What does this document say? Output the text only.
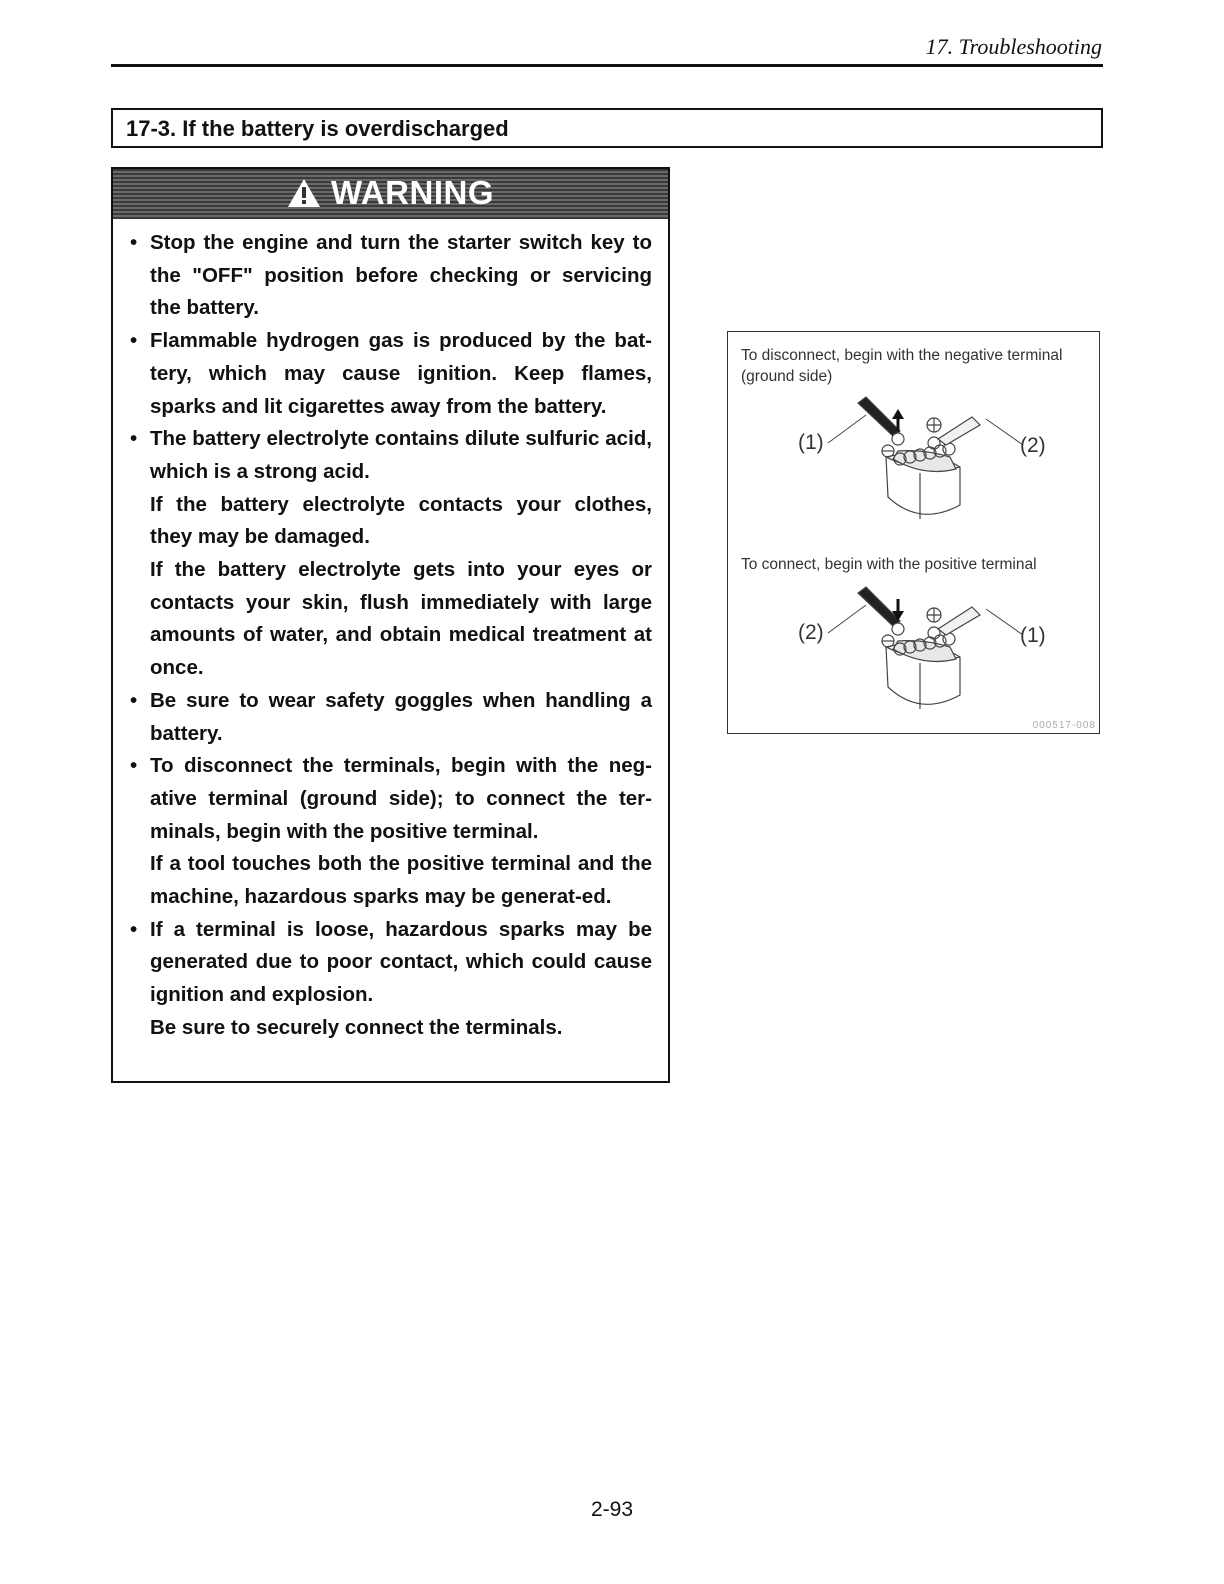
17. Troubleshooting
17-3. If the battery is overdischarged
WARNING
• Stop the engine and turn the starter switch key to the "OFF" position before checking or servicing the battery.

• Flammable hydrogen gas is produced by the bat-tery, which may cause ignition. Keep flames, sparks and lit cigarettes away from the battery.

• The battery electrolyte contains dilute sulfuric acid, which is a strong acid.

If the battery electrolyte contacts your clothes, they may be damaged.

If the battery electrolyte gets into your eyes or contacts your skin, flush immediately with large amounts of water, and obtain medical treatment at once.

• Be sure to wear safety goggles when handling a battery.

• To disconnect the terminals, begin with the neg-ative terminal (ground side); to connect the ter-minals, begin with the positive terminal.

If a tool touches both the positive terminal and the machine, hazardous sparks may be generat-ed.

• If a terminal is loose, hazardous sparks may be generated due to poor contact, which could cause ignition and explosion.

Be sure to securely connect the terminals.

To disconnect, begin with the negative terminal (ground side)
(1)	(2)
To connect, begin with the positive terminal
(2)	(1)
000517-008
2-93
